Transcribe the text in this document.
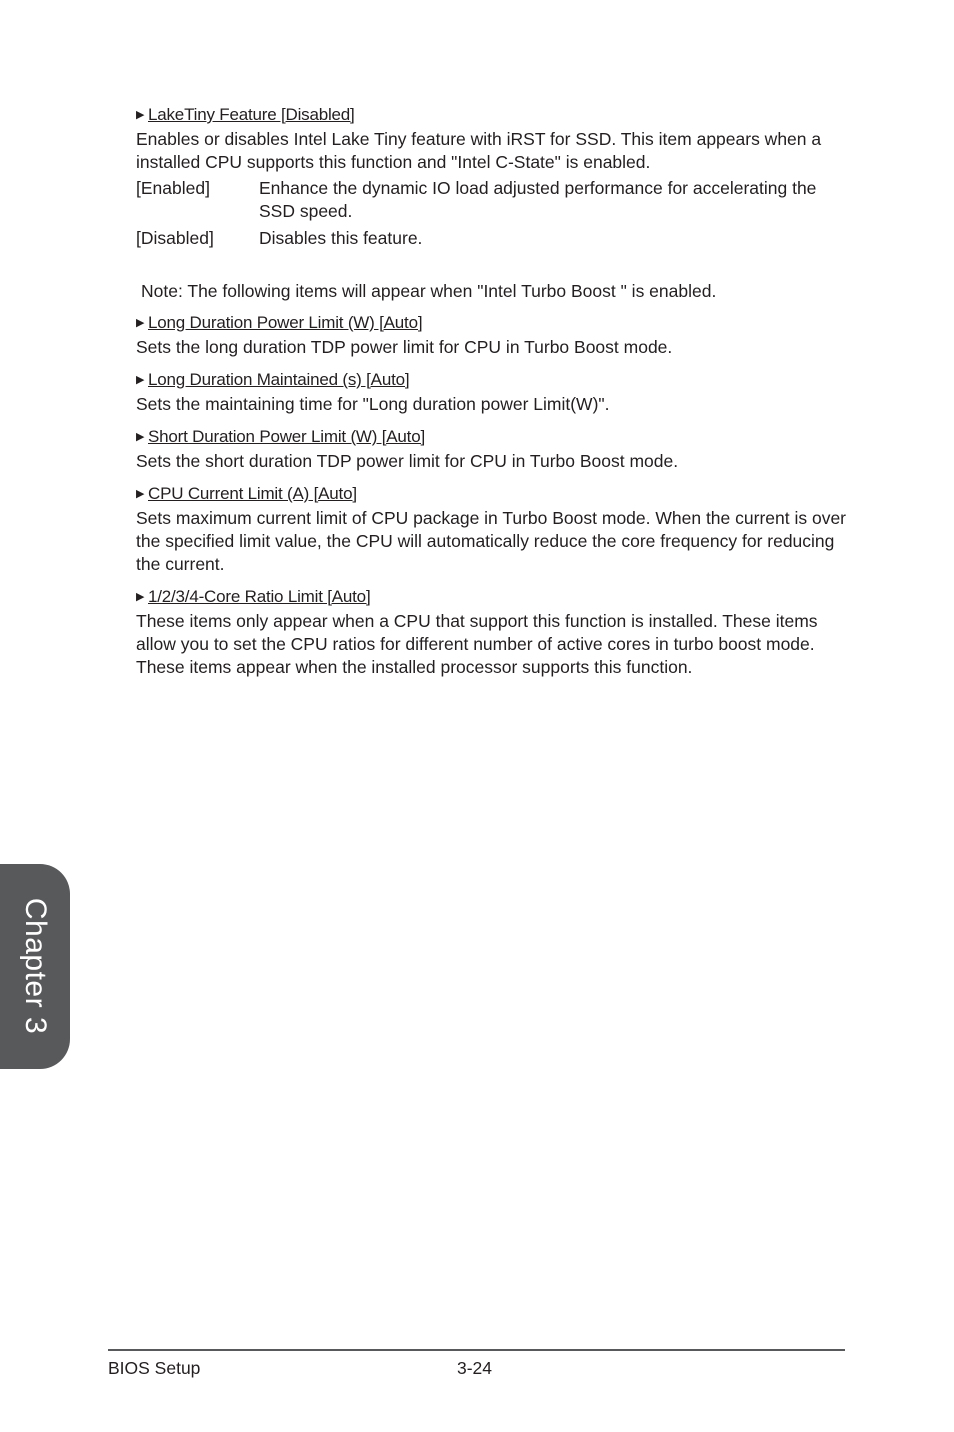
▶ LakeTiny Feature [Disabled]

Enables or disables Intel Lake Tiny feature with iRST for SSD. This item appears when a installed CPU supports this function and "Intel C-State" is enabled.

[Enabled]	Enhance the dynamic IO load adjusted performance for accelerating the SSD speed.
[Disabled]	Disables this feature.

Note: The following items will appear when "Intel Turbo Boost " is enabled.

▶ Long Duration Power Limit (W) [Auto]

Sets the long duration TDP power limit for CPU in Turbo Boost mode.

▶ Long Duration Maintained (s) [Auto]

Sets the maintaining time for "Long duration power Limit(W)".

▶ Short Duration Power Limit (W) [Auto]

Sets the short duration TDP power limit for CPU in Turbo Boost mode.

▶ CPU Current Limit (A) [Auto]

Sets maximum current limit of CPU package in Turbo Boost mode. When the current is over the specified limit value, the CPU will automatically reduce the core frequency for reducing the current.

▶ 1/2/3/4-Core Ratio Limit [Auto]

These items only appear when a CPU that support this function is installed. These items allow you to set the CPU ratios for different number of active cores in turbo boost mode. These items appear when the installed processor supports this function.

Chapter 3
BIOS Setup	3-24
